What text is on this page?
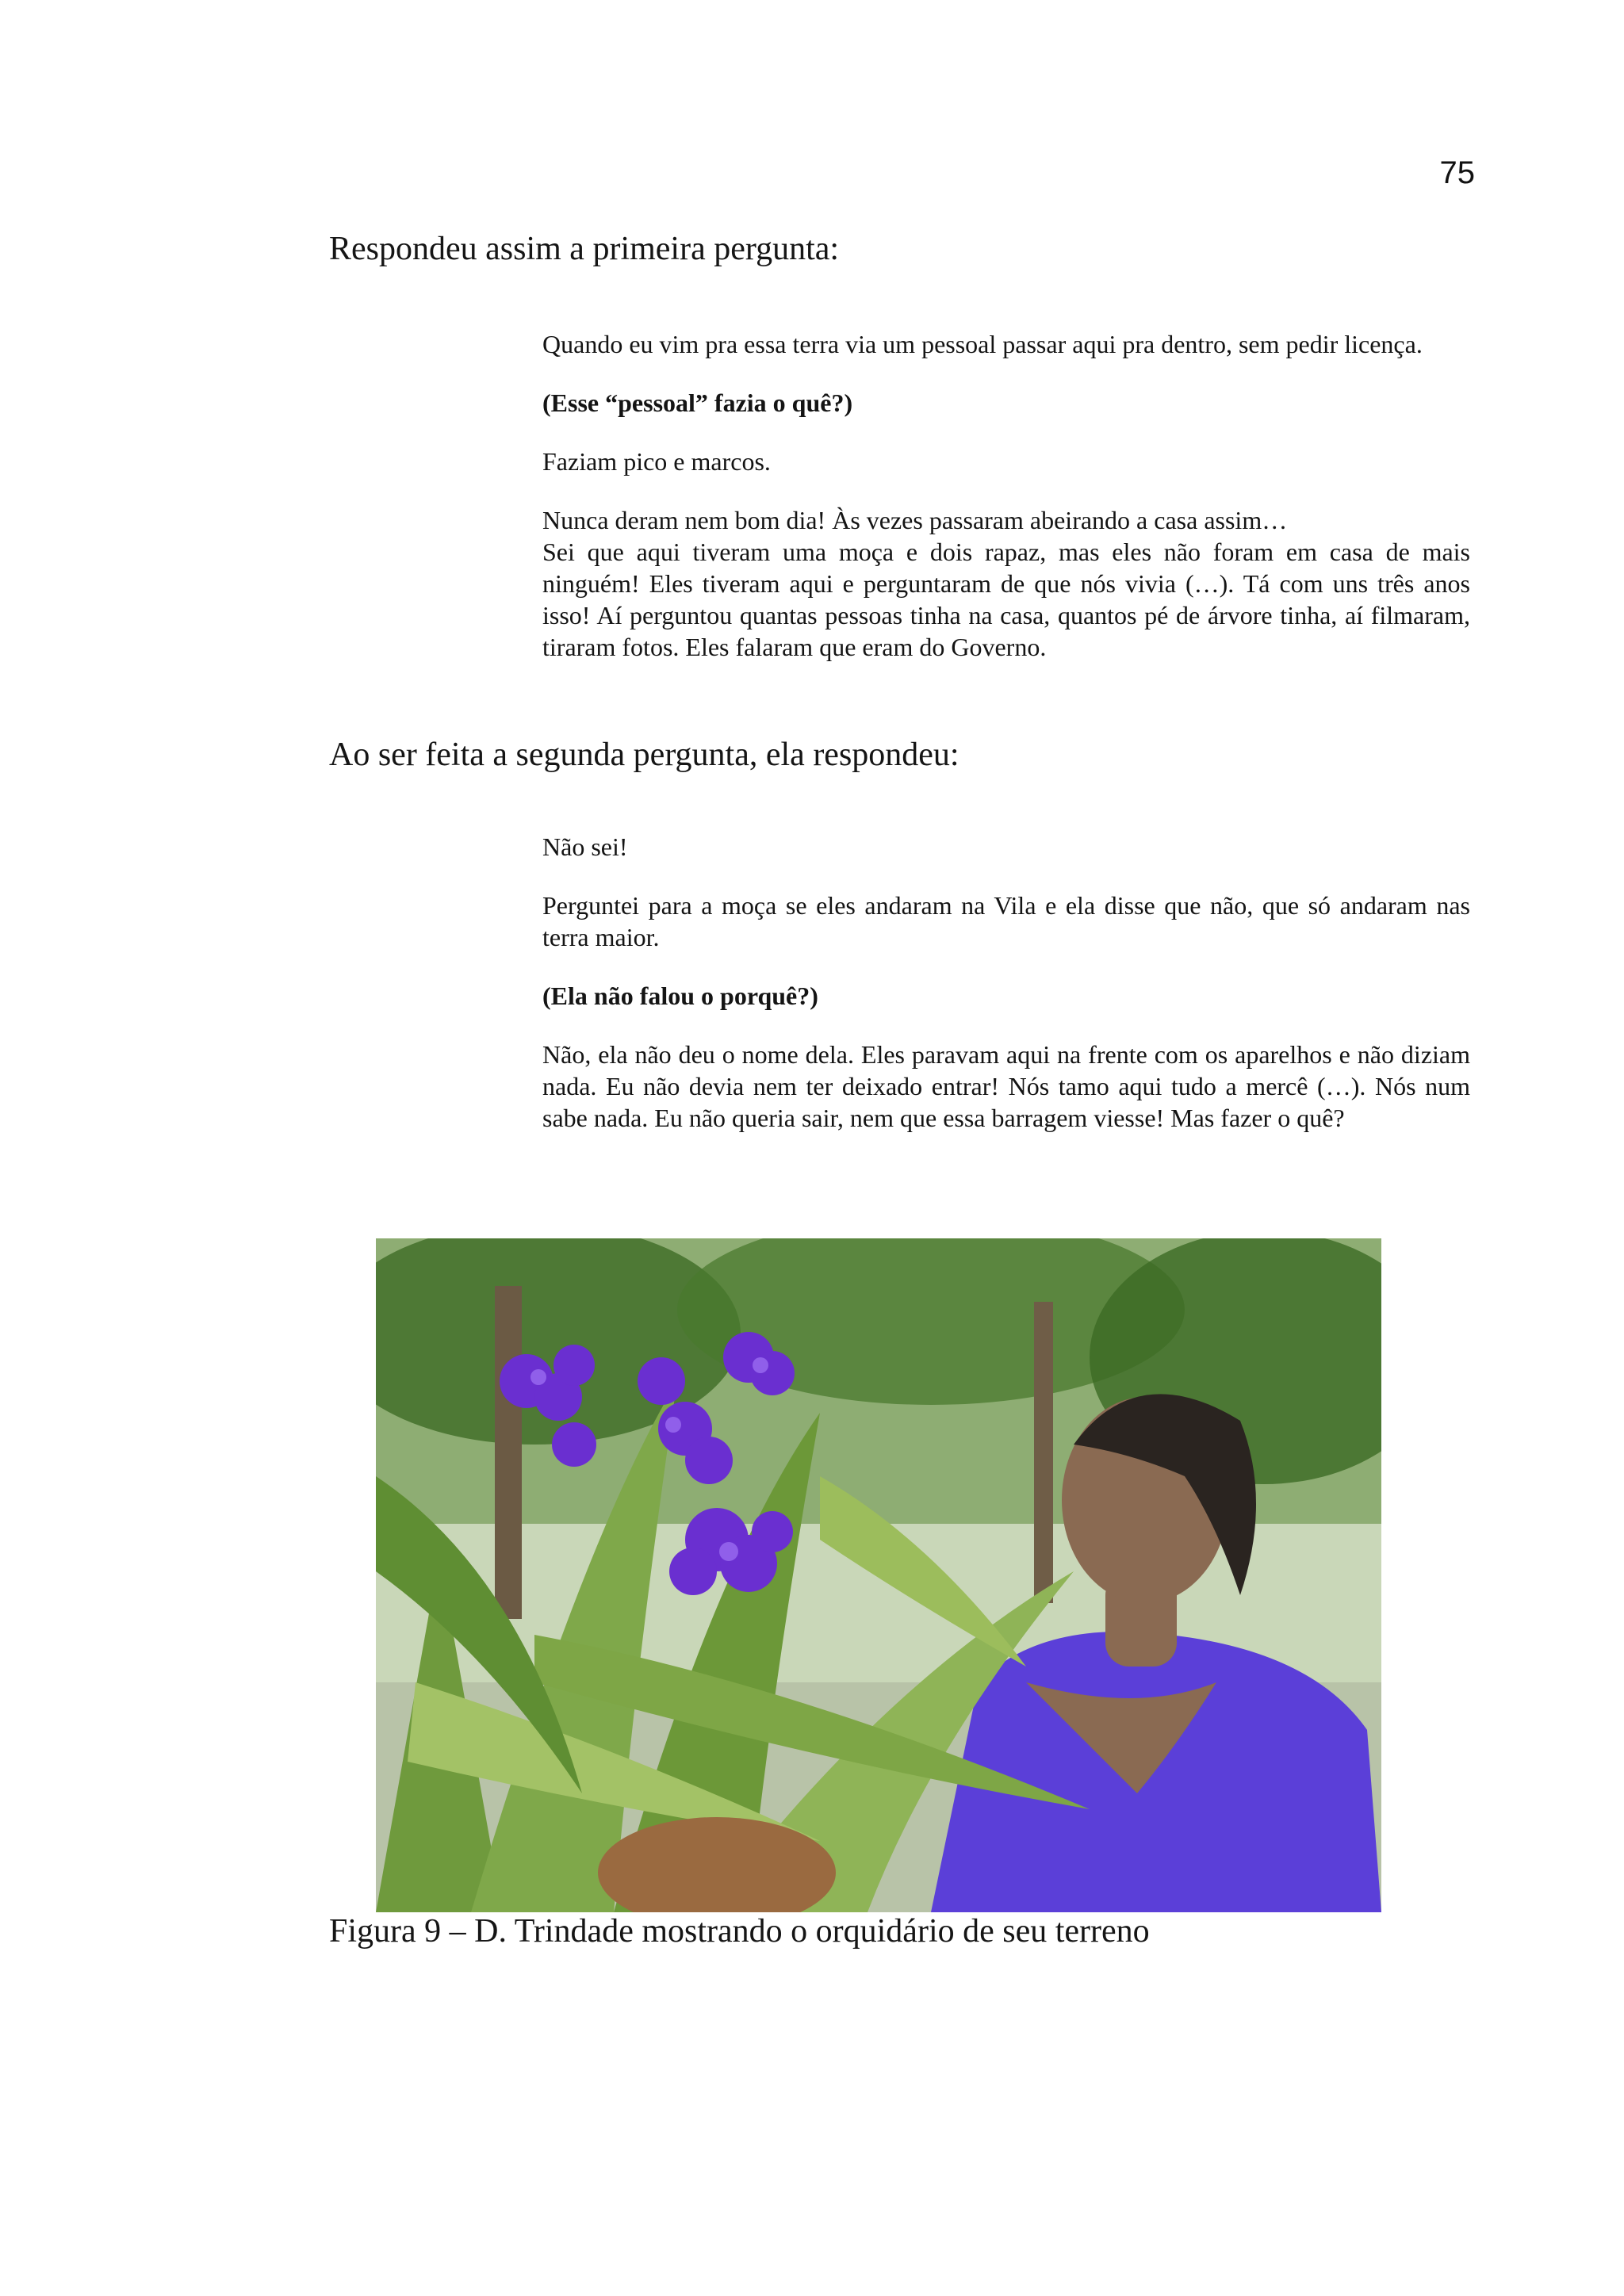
75
Respondeu assim a primeira pergunta:

Quando eu vim pra essa terra via um pessoal passar aqui pra dentro, sem pedir licença.

(Esse “pessoal” fazia o quê?)

Faziam pico e marcos.

Nunca deram nem bom dia! Às vezes passaram abeirando a casa assim…
Sei que aqui tiveram uma moça e dois rapaz, mas eles não foram em casa de mais ninguém! Eles tiveram aqui e perguntaram de que nós vivia (…). Tá com uns três anos isso! Aí perguntou quantas pessoas tinha na casa, quantos pé de árvore tinha, aí filmaram, tiraram fotos. Eles falaram que eram do Governo.

Ao ser feita a segunda pergunta, ela respondeu:

Não sei!

Perguntei para a moça se eles andaram na Vila e ela disse que não, que só andaram nas terra maior.

(Ela não falou o porquê?)

Não, ela não deu o nome dela. Eles paravam aqui na frente com os aparelhos e não diziam nada. Eu não devia nem ter deixado entrar! Nós tamo aqui tudo a mercê (…). Nós num sabe nada. Eu não queria sair, nem que essa barragem viesse! Mas fazer o quê?

Figura 9 – D. Trindade mostrando o orquidário de seu terreno
